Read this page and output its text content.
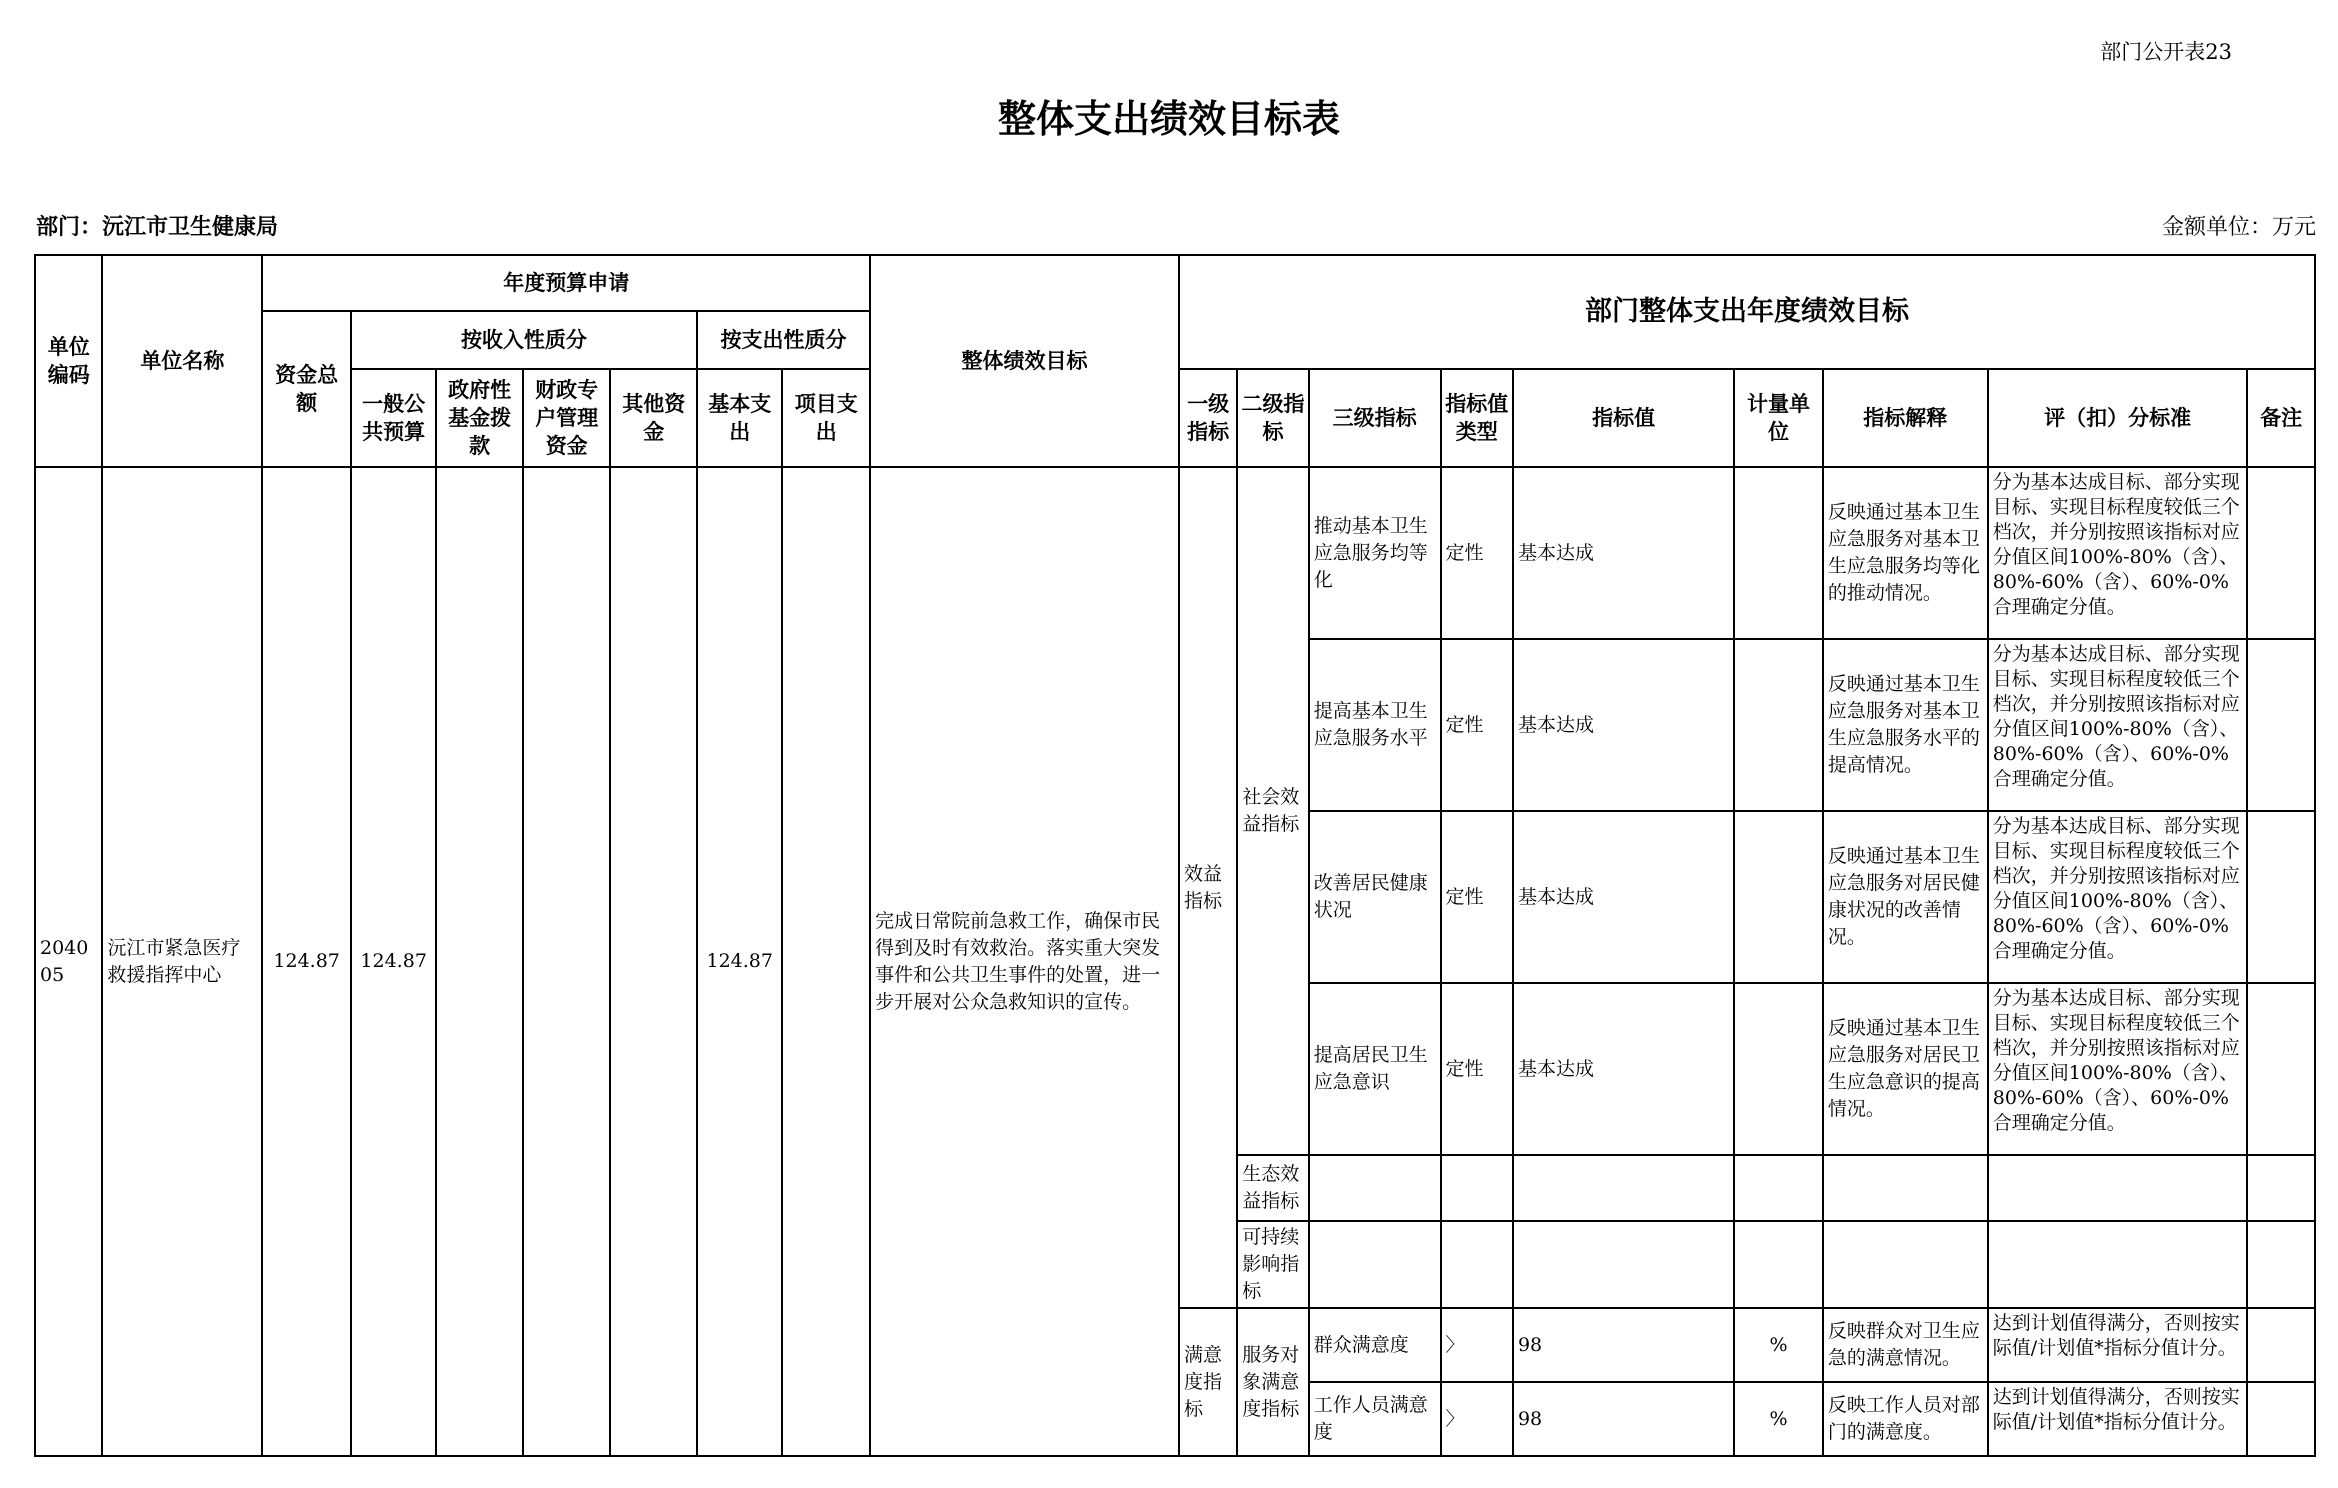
部门公开表23
整体支出绩效目标表
部门：沅江市卫生健康局	金额单位：万元
单位编码	单位名称	年度预算申请							整体绩效目标	部门整体支出年度绩效目标								
		资金总额	按收入性质分				按支出性质分											
			一般公共预算	政府性基金拨款	财政专户管理资金	其他资金	基本支出	项目支出		一级指标	二级指标	三级指标	指标值类型	指标值	计量单位	指标解释	评（扣）分标准	备注
204005	沅江市紧急医疗救援指挥中心	124.87	124.87				124.87		完成日常院前急救工作，确保市民得到及时有效救治。落实重大突发事件和公共卫生事件的处置，进一步开展对公众急救知识的宣传。	效益指标	社会效益指标	推动基本卫生应急服务均等化	定性	基本达成		反映通过基本卫生应急服务对基本卫生应急服务均等化的推动情况。	分为基本达成目标、部分实现目标、实现目标程度较低三个档次，并分别按照该指标对应分值区间100%-80%（含）、80%-60%（含）、60%-0%合理确定分值。	

												提高基本卫生应急服务水平	定性	基本达成		反映通过基本卫生应急服务对基本卫生应急服务水平的提高情况。	分为基本达成目标、部分实现目标、实现目标程度较低三个档次，并分别按照该指标对应分值区间100%-80%（含）、80%-60%（含）、60%-0%合理确定分值。	

												改善居民健康状况	定性	基本达成		反映通过基本卫生应急服务对居民健康状况的改善情况。	分为基本达成目标、部分实现目标、实现目标程度较低三个档次，并分别按照该指标对应分值区间100%-80%（含）、80%-60%（含）、60%-0%合理确定分值。	

												提高居民卫生应急意识	定性	基本达成		反映通过基本卫生应急服务对居民卫生应急意识的提高情况。	分为基本达成目标、部分实现目标、实现目标程度较低三个档次，并分别按照该指标对应分值区间100%-80%（含）、80%-60%（含）、60%-0%合理确定分值。	

											生态效益指标							
											可持续影响指标							
										满意度指标	服务对象满意度指标	群众满意度	〉	98	%	反映群众对卫生应急的满意情况。	达到计划值得满分，否则按实际值/计划值*指标分值计分。	

												工作人员满意度	〉	98	%	反映工作人员对部门的满意度。	达到计划值得满分，否则按实际值/计划值*指标分值计分。	
